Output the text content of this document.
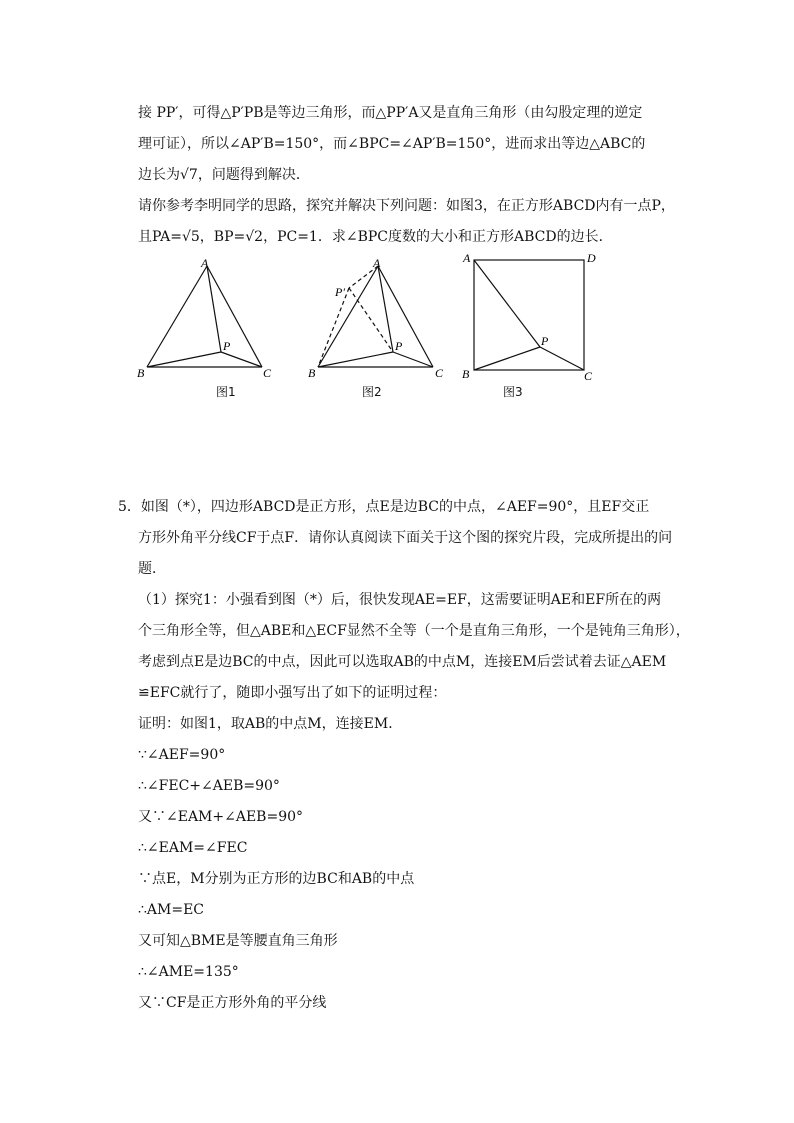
接 PP′，可得△P′PB是等边三角形，而△PP′A又是直角三角形（由勾股定理的逆定
理可证），所以∠AP′B=150°，而∠BPC=∠AP′B=150°，进而求出等边△ABC的
边长为√7，问题得到解决．
请你参考李明同学的思路，探究并解决下列问题：如图3，在正方形ABCD内有一点P，
且PA=√5，BP=√2，PC=1．求∠BPC度数的大小和正方形ABCD的边长．
A
B	C
P
图1
A
B	C
P
P′
图2
A
B	C
D
P
图3
5．如图（*），四边形ABCD是正方形，点E是边BC的中点，∠AEF=90°，且EF交正
方形外角平分线CF于点F．请你认真阅读下面关于这个图的探究片段，完成所提出的问
题．
（1）探究1：小强看到图（*）后，很快发现AE=EF，这需要证明AE和EF所在的两
个三角形全等，但△ABE和△ECF显然不全等（一个是直角三角形，一个是钝角三角形），
考虑到点E是边BC的中点，因此可以选取AB的中点M，连接EM后尝试着去证△AEM
≌EFC就行了，随即小强写出了如下的证明过程：
证明：如图1，取AB的中点M，连接EM．
∵∠AEF=90°
∴∠FEC+∠AEB=90°
又∵∠EAM+∠AEB=90°
∴∠EAM=∠FEC
∵点E，M分别为正方形的边BC和AB的中点
∴AM=EC
又可知△BME是等腰直角三角形
∴∠AME=135°
又∵CF是正方形外角的平分线
